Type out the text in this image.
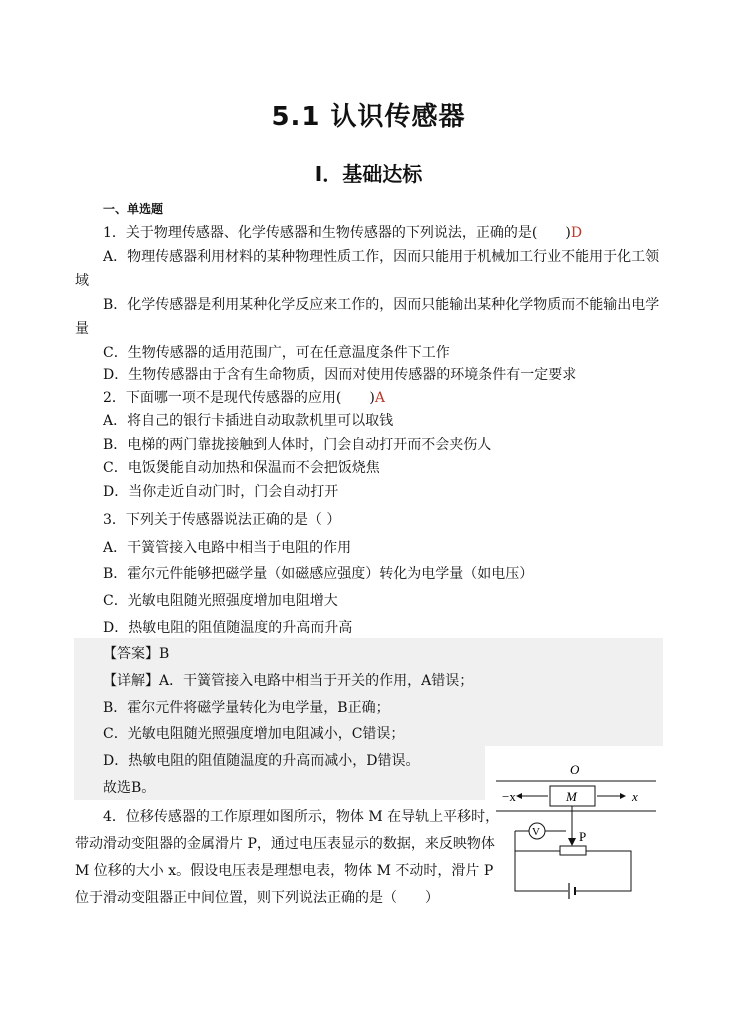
5.1 认识传感器
Ⅰ．基础达标
一、单选题
1．关于物理传感器、化学传感器和生物传感器的下列说法，正确的是(　　)D
A．物理传感器利用材料的某种物理性质工作，因而只能用于机械加工行业不能用于化工领
域
B．化学传感器是利用某种化学反应来工作的，因而只能输出某种化学物质而不能输出电学
量
C．生物传感器的适用范围广，可在任意温度条件下工作
D．生物传感器由于含有生命物质，因而对使用传感器的环境条件有一定要求
2．下面哪一项不是现代传感器的应用(　　)A
A．将自己的银行卡插进自动取款机里可以取钱
B．电梯的两门靠拢接触到人体时，门会自动打开而不会夹伤人
C．电饭煲能自动加热和保温而不会把饭烧焦
D．当你走近自动门时，门会自动打开
3．下列关于传感器说法正确的是（ ）
A．干簧管接入电路中相当于电阻的作用
B．霍尔元件能够把磁学量（如磁感应强度）转化为电学量（如电压）
C．光敏电阻随光照强度增加电阻增大
D．热敏电阻的阻值随温度的升高而升高
【答案】B
【详解】A．干簧管接入电路中相当于开关的作用，A错误；
B．霍尔元件将磁学量转化为电学量，B正确；
C．光敏电阻随光照强度增加电阻减小，C错误；
D．热敏电阻的阻值随温度的升高而减小，D错误。
故选B。
4．位移传感器的工作原理如图所示，物体 M 在导轨上平移时，
带动滑动变阻器的金属滑片 P，通过电压表显示的数据，来反映物体
M 位移的大小 x。假设电压表是理想电表，物体 M 不动时，滑片 P
位于滑动变阻器正中间位置，则下列说法正确的是（　　）
O
−x	M	x
P
V
